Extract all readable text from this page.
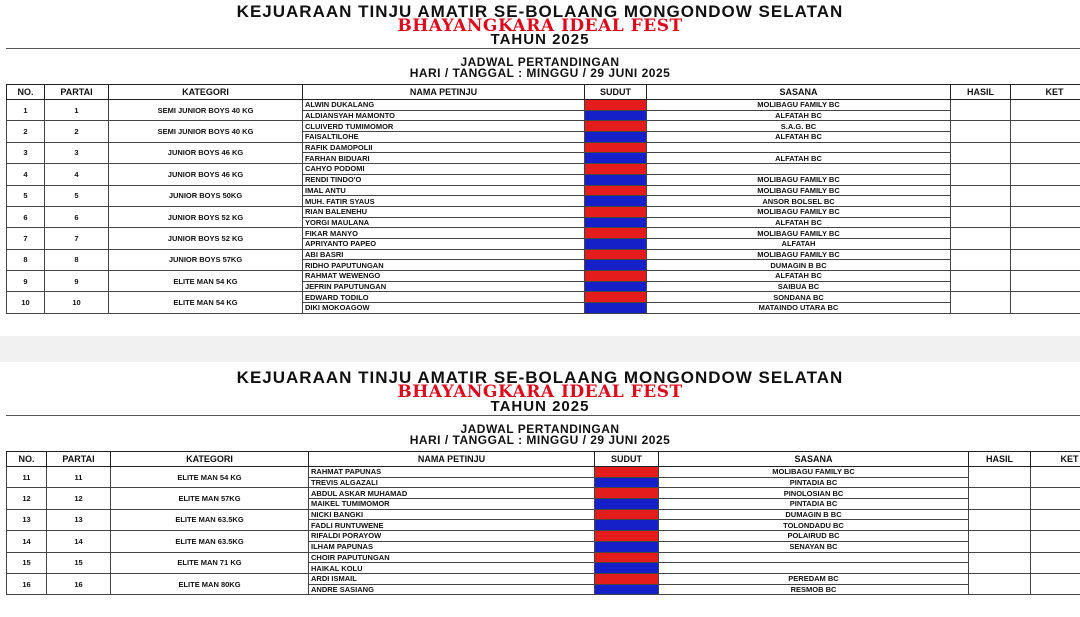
KEJUARAAN TINJU AMATIR SE-BOLAANG MONGONDOW SELATAN
BHAYANGKARA IDEAL FEST
TAHUN 2025
JADWAL PERTANDINGAN
HARI / TANGGAL : MINGGU / 29 JUNI 2025
NO.	PARTAI	KATEGORI	NAMA PETINJU	SUDUT	SASANA	HASIL	KET
1	1	SEMI JUNIOR BOYS 40 KG	ALWIN DUKALANG		MOLIBAGU FAMILY BC		
			ALDIANSYAH MAMONTO		ALFATAH BC		
2	2	SEMI JUNIOR BOYS 40 KG	CLUIVERD TUMIMOMOR		S.A.G. BC		
			FAISALTILOHE		ALFATAH BC		
3	3	JUNIOR BOYS 46 KG	RAFIK DAMOPOLII				
			FARHAN BIDUARI		ALFATAH BC		
4	4	JUNIOR BOYS 46 KG	CAHYO PODOMI				
			RENDI TINDO'O		MOLIBAGU FAMILY BC		
5	5	JUNIOR BOYS 50KG	IMAL ANTU		MOLIBAGU FAMILY BC		
			MUH. FATIR SYAUS		ANSOR BOLSEL BC		
6	6	JUNIOR BOYS 52 KG	RIAN BALENEHU		MOLIBAGU FAMILY BC		
			YORGI MAULANA		ALFATAH BC		
7	7	JUNIOR BOYS 52 KG	FIKAR MANYO		MOLIBAGU FAMILY BC		
			APRIYANTO PAPEO		ALFATAH		
8	8	JUNIOR BOYS 57KG	ABI BASRI		MOLIBAGU FAMILY BC		
			RIDHO PAPUTUNGAN		DUMAGIN B BC		
9	9	ELITE MAN 54 KG	RAHMAT WEWENGO		ALFATAH BC		
			JEFRIN PAPUTUNGAN		SAIBUA BC		
10	10	ELITE MAN 54 KG	EDWARD TODILO		SONDANA BC		
			DIKI MOKOAGOW		MATAINDO UTARA BC		
KEJUARAAN TINJU AMATIR SE-BOLAANG MONGONDOW SELATAN
BHAYANGKARA IDEAL FEST
TAHUN 2025
JADWAL PERTANDINGAN
HARI / TANGGAL : MINGGU / 29 JUNI 2025
NO.	PARTAI	KATEGORI	NAMA PETINJU	SUDUT	SASANA	HASIL	KET
11	11	ELITE MAN 54 KG	RAHMAT PAPUNAS		MOLIBAGU FAMILY BC		
			TREVIS ALGAZALI		PINTADIA BC		
12	12	ELITE MAN 57KG	ABDUL ASKAR MUHAMAD		PINOLOSIAN BC		
			MAIKEL TUMIMOMOR		PINTADIA BC		
13	13	ELITE MAN 63.5KG	NICKI BANGKI		DUMAGIN B BC		
			FADLI RUNTUWENE		TOLONDADU BC		
14	14	ELITE MAN 63.5KG	RIFALDI PORAYOW		POLAIRUD BC		
			ILHAM PAPUNAS		SENAYAN BC		
15	15	ELITE MAN 71 KG	CHOIR PAPUTUNGAN				
			HAIKAL KOLU				
16	16	ELITE MAN 80KG	ARDI ISMAIL		PEREDAM BC		
			ANDRE SASIANG		RESMOB BC		
